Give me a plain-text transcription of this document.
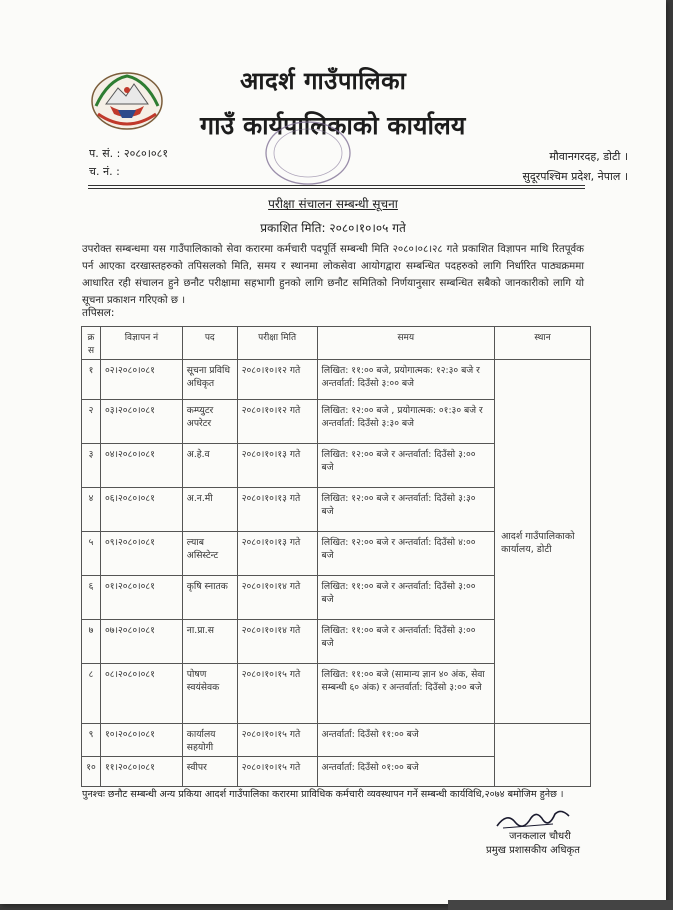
आदर्श गाउँपालिका
गाउँ कार्यपालिकाको कार्यालय
प. सं. : २०८०।०८१
च. नं. :
मौवानगरदह, डोटी ।
सुदूरपश्चिम प्रदेश, नेपाल ।
परीक्षा संचालन सम्बन्धी सूचना
प्रकाशित मिति: २०८०।१०।०५ गते
उपरोक्त सम्बन्धमा यस गाउँपालिकाको सेवा करारमा कर्मचारी पदपूर्ति सम्बन्धी मिति २०८०।०८।२८ गते प्रकाशित विज्ञापन माथि रितपूर्वक पर्न आएका दरखास्तहरुको तपिसलको मिति, समय र स्थानमा लोकसेवा आयोगद्वारा सम्बन्धित पदहरुको लागि निर्धारित पाठ्यक्रममा आधारित रही संचालन हुने छनौट परीक्षामा सहभागी हुनको लागि छनौट समितिको निर्णयानुसार सम्बन्धित सबैको जानकारीको लागि यो सूचना प्रकाशन गरिएको छ ।
तपिसल:
क्र स	विज्ञापन नं	पद	परीक्षा मिति	समय	स्थान
१	०२।२०८०।०८१	सूचना प्रविधि अधिकृत	२०८०।१०।१२ गते	लिखित: ११:०० बजे, प्रयोगात्मक: १२:३० बजे र अन्तर्वार्ता: दिउँसो ३:०० बजे	आदर्श गाउँपालिकाको कार्यालय, डोटी
२	०३।२०८०।०८१	कम्प्युटर अपरेटर	२०८०।१०।१२ गते	लिखित: १२:०० बजे , प्रयोगात्मक: ०१:३० बजे र अन्तर्वार्ता: दिउँसो ३:३० बजे	
३	०४।२०८०।०८१	अ.हे.व	२०८०।१०।१३ गते	लिखित: १२:०० बजे र अन्तर्वार्ता: दिउँसो ३:०० बजे	
४	०६।२०८०।०८१	अ.न.मी	२०८०।१०।१३ गते	लिखित: १२:०० बजे र अन्तर्वार्ता: दिउँसो ३:३० बजे	
५	०९।२०८०।०८१	ल्याब असिस्टेन्ट	२०८०।१०।१३ गते	लिखित: १२:०० बजे र अन्तर्वार्ता: दिउँसो ४:०० बजे	
६	०१।२०८०।०८१	कृषि स्नातक	२०८०।१०।१४ गते	लिखित: ११:०० बजे र अन्तर्वार्ता: दिउँसो ३:०० बजे	
७	०७।२०८०।०८१	ना.प्रा.स	२०८०।१०।१४ गते	लिखित: ११:०० बजे र अन्तर्वार्ता: दिउँसो ३:०० बजे	
८	०८।२०८०।०८१	पोषण स्वयंसेवक	२०८०।१०।१५ गते	लिखित: ११:०० बजे (सामान्य ज्ञान ४० अंक, सेवा सम्बन्धी ६० अंक) र अन्तर्वार्ता: दिउँसो ३:०० बजे	
९	१०।२०८०।०८१	कार्यालय सहयोगी	२०८०।१०।१५ गते	अन्तर्वार्ता: दिउँसो ११:०० बजे	
१०	११।२०८०।०८१	स्वीपर	२०८०।१०।१५ गते	अन्तर्वार्ता: दिउँसो ०१:०० बजे	
पुनश्चः छनौट सम्बन्धी अन्य प्रकिया आदर्श गाउँपालिका करारमा प्राविधिक कर्मचारी व्यवस्थापन गर्ने सम्बन्धी कार्यविधि,२०७४ बमोजिम हुनेछ ।
जनकलाल चौधरी
प्रमुख प्रशासकीय अधिकृत
